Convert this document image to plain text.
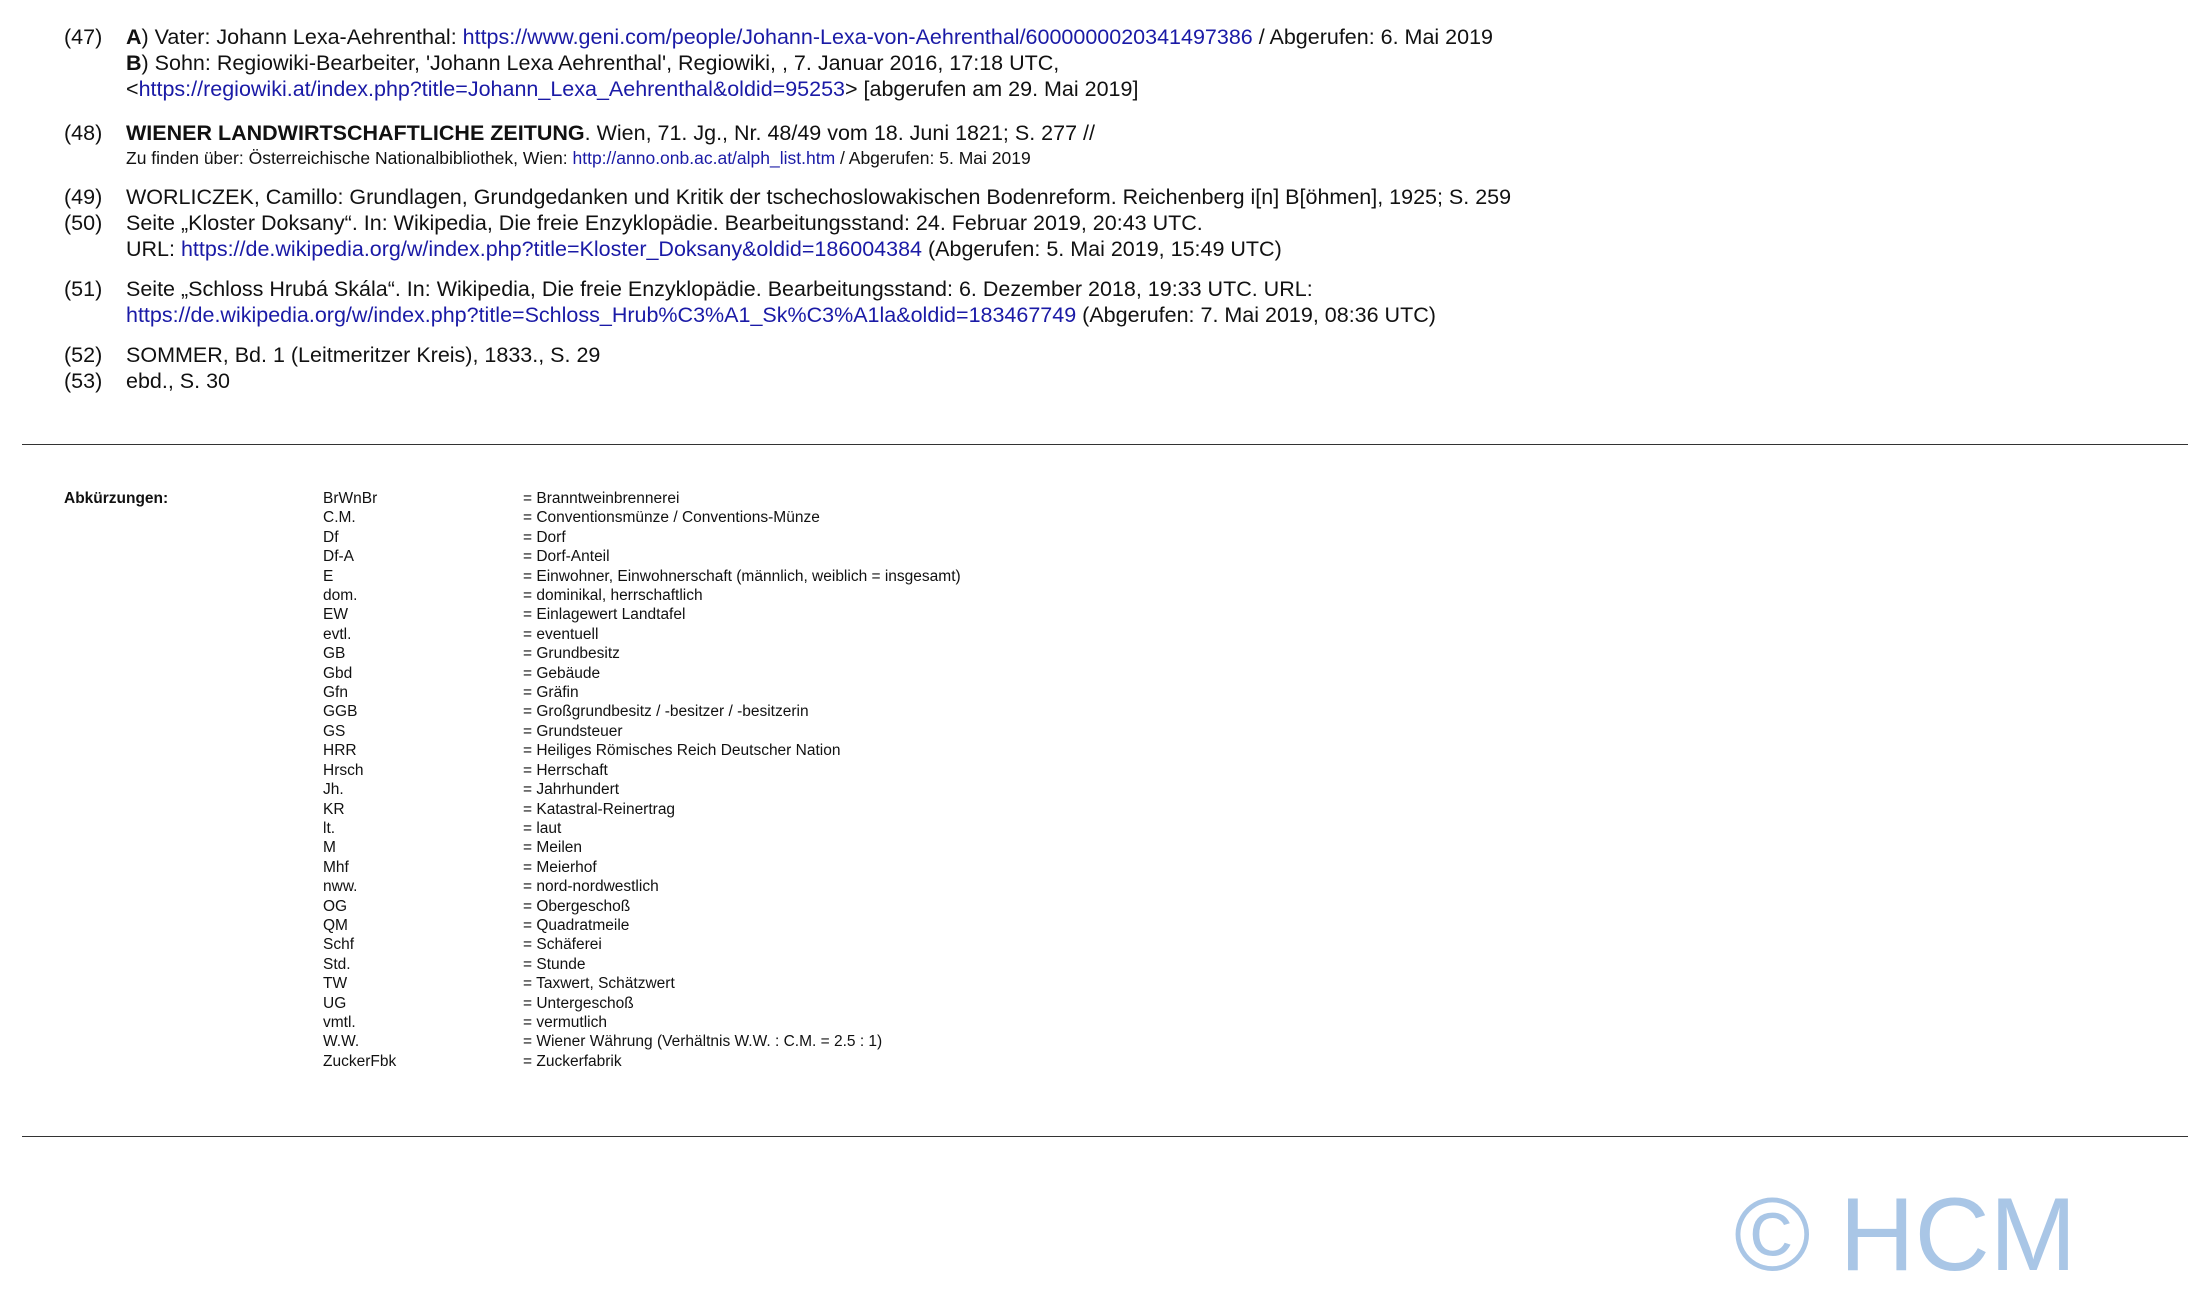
(47)	A) Vater: Johann Lexa-Aehrenthal: https://www.geni.com/people/Johann-Lexa-von-Aehrenthal/6000000020341497386 / Abgerufen: 6. Mai 2019
B) Sohn: Regiowiki-Bearbeiter, 'Johann Lexa Aehrenthal', Regiowiki, , 7. Januar 2016, 17:18 UTC,
<https://regiowiki.at/index.php?title=Johann_Lexa_Aehrenthal&oldid=95253> [abgerufen am 29. Mai 2019]
(48)	WIENER LANDWIRTSCHAFTLICHE ZEITUNG. Wien, 71. Jg., Nr. 48/49 vom 18. Juni 1821; S. 277 //
Zu finden über: Österreichische Nationalbibliothek, Wien: http://anno.onb.ac.at/alph_list.htm / Abgerufen: 5. Mai 2019
(49)	WORLICZEK, Camillo: Grundlagen, Grundgedanken und Kritik der tschechoslowakischen Bodenreform. Reichenberg i[n] B[öhmen], 1925; S. 259
(50)	Seite „Kloster Doksany“. In: Wikipedia, Die freie Enzyklopädie. Bearbeitungsstand: 24. Februar 2019, 20:43 UTC.
URL: https://de.wikipedia.org/w/index.php?title=Kloster_Doksany&oldid=186004384 (Abgerufen: 5. Mai 2019, 15:49 UTC)
(51)	Seite „Schloss Hrubá Skála“. In: Wikipedia, Die freie Enzyklopädie. Bearbeitungsstand: 6. Dezember 2018, 19:33 UTC. URL:
https://de.wikipedia.org/w/index.php?title=Schloss_Hrub%C3%A1_Sk%C3%A1la&oldid=183467749 (Abgerufen: 7. Mai 2019, 08:36 UTC)
(52)	SOMMER, Bd. 1 (Leitmeritzer Kreis), 1833., S. 29
(53)	ebd., S. 30
Abkürzungen:	BrWnBr	= Branntweinbrennerei
C.M.	= Conventionsmünze / Conventions-Münze
Df	= Dorf
Df-A	= Dorf-Anteil
E	= Einwohner, Einwohnerschaft (männlich, weiblich = insgesamt)
dom.	= dominikal, herrschaftlich
EW	= Einlagewert Landtafel
evtl.	= eventuell
GB	= Grundbesitz
Gbd	= Gebäude
Gfn	= Gräfin
GGB	= Großgrundbesitz / -besitzer / -besitzerin
GS	= Grundsteuer
HRR	= Heiliges Römisches Reich Deutscher Nation
Hrsch	= Herrschaft
Jh.	= Jahrhundert
KR	= Katastral-Reinertrag
lt.	= laut
M	= Meilen
Mhf	= Meierhof
nww.	= nord-nordwestlich
OG	= Obergeschoß
QM	= Quadratmeile
Schf	= Schäferei
Std.	= Stunde
TW	= Taxwert, Schätzwert
UG	= Untergeschoß
vmtl.	= vermutlich
W.W.	= Wiener Währung (Verhältnis W.W. : C.M. = 2.5 : 1)
ZuckerFbk	= Zuckerfabrik
© HCM
